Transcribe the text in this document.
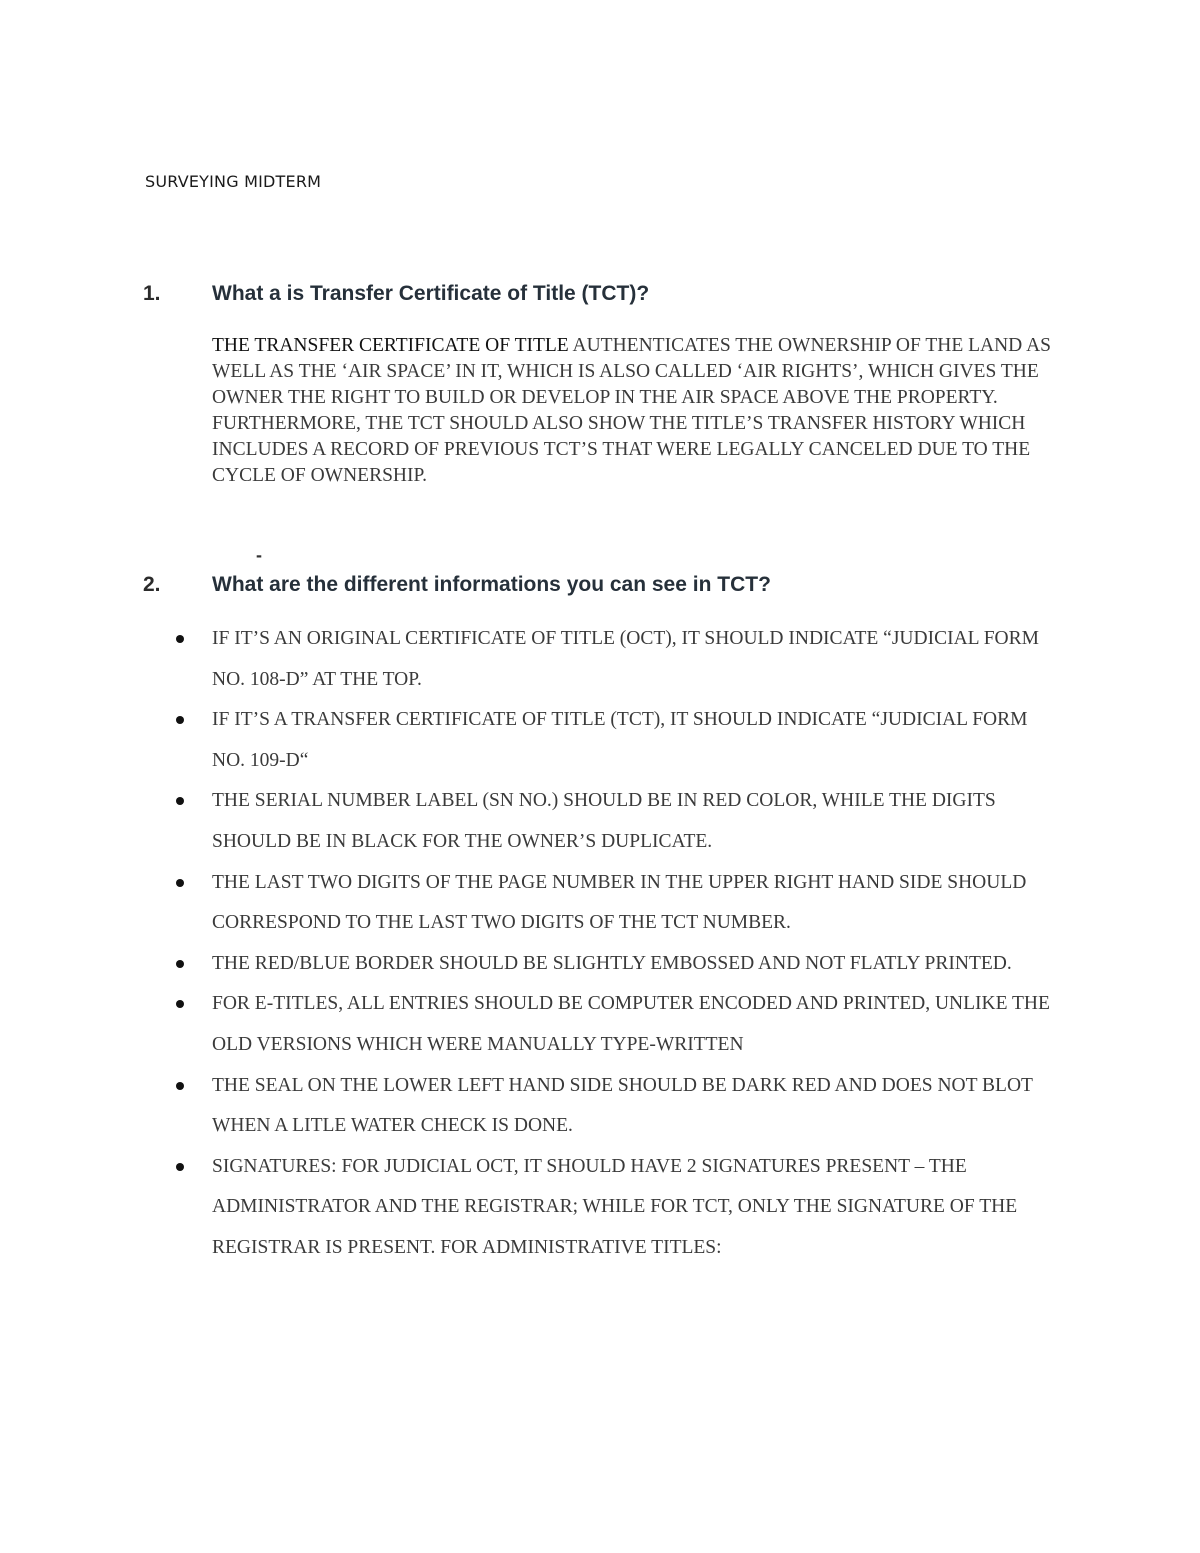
SURVEYING MIDTERM
1. What a is Transfer Certificate of Title (TCT)?

THE TRANSFER CERTIFICATE OF TITLE AUTHENTICATES THE OWNERSHIP OF THE LAND AS WELL AS THE ‘AIR SPACE’ IN IT, WHICH IS ALSO CALLED ‘AIR RIGHTS’, WHICH GIVES THE OWNER THE RIGHT TO BUILD OR DEVELOP IN THE AIR SPACE ABOVE THE PROPERTY.

FURTHERMORE, THE TCT SHOULD ALSO SHOW THE TITLE’S TRANSFER HISTORY WHICH INCLUDES A RECORD OF PREVIOUS TCT’S THAT WERE LEGALLY CANCELED DUE TO THE CYCLE OF OWNERSHIP.

-
2. What are the different informations you can see in TCT?
IF IT’S AN ORIGINAL CERTIFICATE OF TITLE (OCT), IT SHOULD INDICATE “JUDICIAL FORM NO. 108-D” AT THE TOP.
IF IT’S A TRANSFER CERTIFICATE OF TITLE (TCT), IT SHOULD INDICATE “JUDICIAL FORM NO. 109-D“
THE SERIAL NUMBER LABEL (SN NO.) SHOULD BE IN RED COLOR, WHILE THE DIGITS SHOULD BE IN BLACK FOR THE OWNER’S DUPLICATE.
THE LAST TWO DIGITS OF THE PAGE NUMBER IN THE UPPER RIGHT HAND SIDE SHOULD CORRESPOND TO THE LAST TWO DIGITS OF THE TCT NUMBER.
THE RED/BLUE BORDER SHOULD BE SLIGHTLY EMBOSSED AND NOT FLATLY PRINTED.
FOR E-TITLES, ALL ENTRIES SHOULD BE COMPUTER ENCODED AND PRINTED, UNLIKE THE OLD VERSIONS WHICH WERE MANUALLY TYPE-WRITTEN
THE SEAL ON THE LOWER LEFT HAND SIDE SHOULD BE DARK RED AND DOES NOT BLOT WHEN A LITLE WATER CHECK IS DONE.
SIGNATURES: FOR JUDICIAL OCT, IT SHOULD HAVE 2 SIGNATURES PRESENT – THE ADMINISTRATOR AND THE REGISTRAR; WHILE FOR TCT, ONLY THE SIGNATURE OF THE REGISTRAR IS PRESENT. FOR ADMINISTRATIVE TITLES:
